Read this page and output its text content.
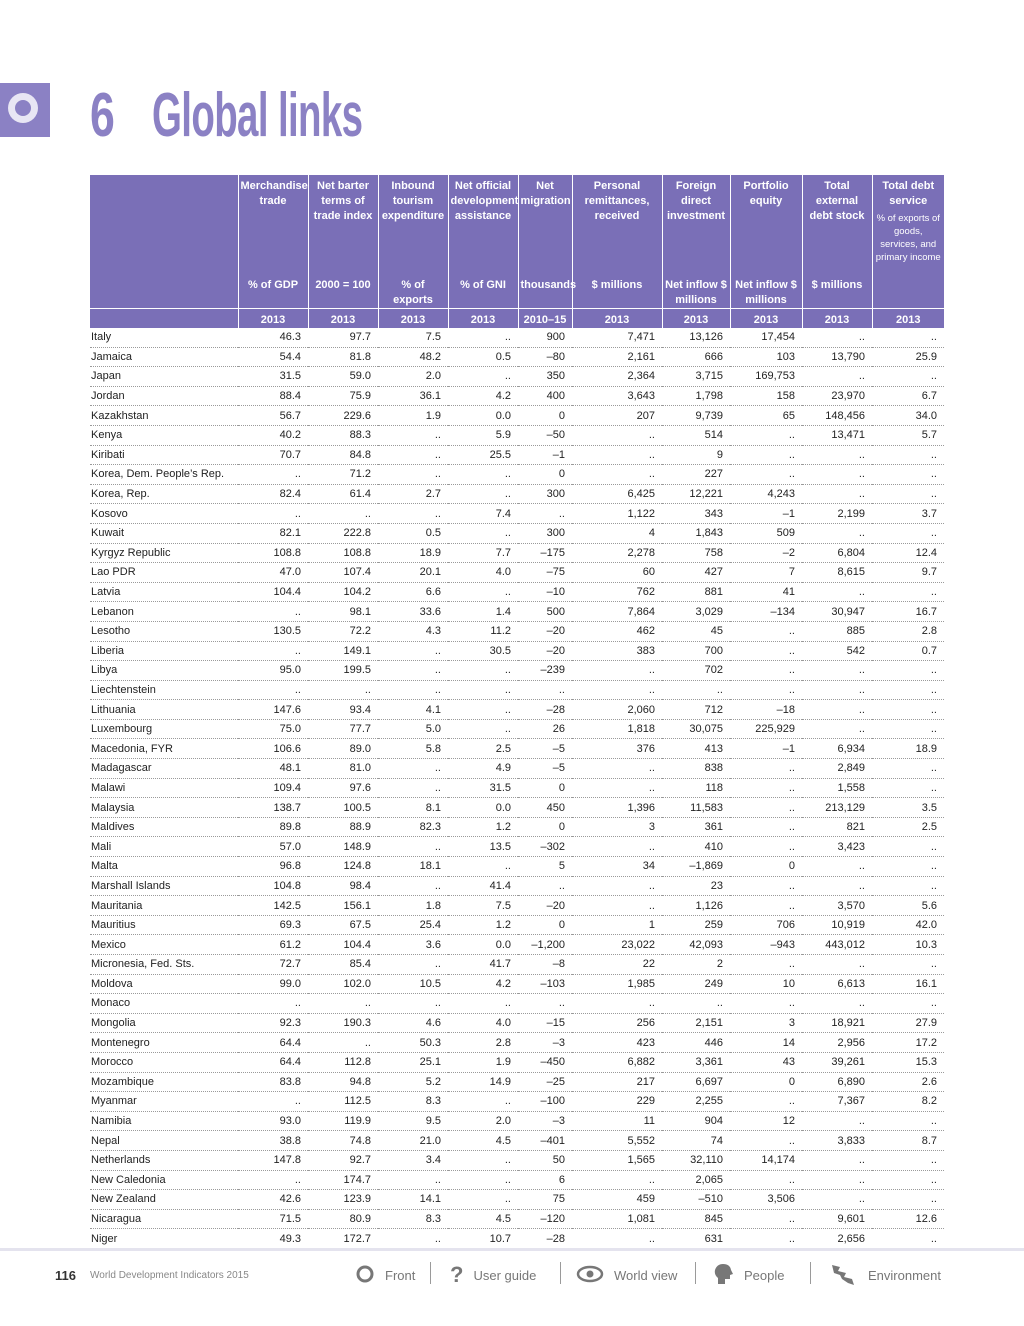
6 Global links
	Merchandise trade	Net barter terms of trade index	Inbound tourism expenditure	Net official development assistance	Net migration	Personal remittances, received	Foreign direct investment	Portfolio equity	Total external debt stock	Total debt service
% of exports of goods, services, and primary income

	% of GDP	2000 = 100	% of exports	% of GNI	thousands	$ millions	Net inflow $ millions	Net inflow $ millions	$ millions	
	2013	2013	2013	2013	2010–15	2013	2013	2013	2013	2013
Italy	46.3	97.7	7.5	..	900	7,471	13,126	17,454	..	..
Jamaica	54.4	81.8	48.2	0.5	–80	2,161	666	103	13,790	25.9
Japan	31.5	59.0	2.0	..	350	2,364	3,715	169,753	..	..
Jordan	88.4	75.9	36.1	4.2	400	3,643	1,798	158	23,970	6.7
Kazakhstan	56.7	229.6	1.9	0.0	0	207	9,739	65	148,456	34.0
Kenya	40.2	88.3	..	5.9	–50	..	514	..	13,471	5.7
Kiribati	70.7	84.8	..	25.5	–1	..	9	..	..	..
Korea, Dem. People’s Rep.	..	71.2	..	..	0	..	227	..	..	..
Korea, Rep.	82.4	61.4	2.7	..	300	6,425	12,221	4,243	..	..
Kosovo	..	..	..	7.4	..	1,122	343	–1	2,199	3.7
Kuwait	82.1	222.8	0.5	..	300	4	1,843	509	..	..
Kyrgyz Republic	108.8	108.8	18.9	7.7	–175	2,278	758	–2	6,804	12.4
Lao PDR	47.0	107.4	20.1	4.0	–75	60	427	7	8,615	9.7
Latvia	104.4	104.2	6.6	..	–10	762	881	41	..	..
Lebanon	..	98.1	33.6	1.4	500	7,864	3,029	–134	30,947	16.7
Lesotho	130.5	72.2	4.3	11.2	–20	462	45	..	885	2.8
Liberia	..	149.1	..	30.5	–20	383	700	..	542	0.7
Libya	95.0	199.5	..	..	–239	..	702	..	..	..
Liechtenstein	..	..	..	..	..	..	..	..	..	..
Lithuania	147.6	93.4	4.1	..	–28	2,060	712	–18	..	..
Luxembourg	75.0	77.7	5.0	..	26	1,818	30,075	225,929	..	..
Macedonia, FYR	106.6	89.0	5.8	2.5	–5	376	413	–1	6,934	18.9
Madagascar	48.1	81.0	..	4.9	–5	..	838	..	2,849	..
Malawi	109.4	97.6	..	31.5	0	..	118	..	1,558	..
Malaysia	138.7	100.5	8.1	0.0	450	1,396	11,583	..	213,129	3.5
Maldives	89.8	88.9	82.3	1.2	0	3	361	..	821	2.5
Mali	57.0	148.9	..	13.5	–302	..	410	..	3,423	..
Malta	96.8	124.8	18.1	..	5	34	–1,869	0	..	..
Marshall Islands	104.8	98.4	..	41.4	..	..	23	..	..	..
Mauritania	142.5	156.1	1.8	7.5	–20	..	1,126	..	3,570	5.6
Mauritius	69.3	67.5	25.4	1.2	0	1	259	706	10,919	42.0
Mexico	61.2	104.4	3.6	0.0	–1,200	23,022	42,093	–943	443,012	10.3
Micronesia, Fed. Sts.	72.7	85.4	..	41.7	–8	22	2	..	..	..
Moldova	99.0	102.0	10.5	4.2	–103	1,985	249	10	6,613	16.1
Monaco	..	..	..	..	..	..	..	..	..	..
Mongolia	92.3	190.3	4.6	4.0	–15	256	2,151	3	18,921	27.9
Montenegro	64.4	..	50.3	2.8	–3	423	446	14	2,956	17.2
Morocco	64.4	112.8	25.1	1.9	–450	6,882	3,361	43	39,261	15.3
Mozambique	83.8	94.8	5.2	14.9	–25	217	6,697	0	6,890	2.6
Myanmar	..	112.5	8.3	..	–100	229	2,255	..	7,367	8.2
Namibia	93.0	119.9	9.5	2.0	–3	11	904	12	..	..
Nepal	38.8	74.8	21.0	4.5	–401	5,552	74	..	3,833	8.7
Netherlands	147.8	92.7	3.4	..	50	1,565	32,110	14,174	..	..
New Caledonia	..	174.7	..	..	6	..	2,065	..	..	..
New Zealand	42.6	123.9	14.1	..	75	459	–510	3,506	..	..
Nicaragua	71.5	80.9	8.3	4.5	–120	1,081	845	..	9,601	12.6
Niger	49.3	172.7	..	10.7	–28	..	631	..	2,656	..
116 World Development Indicators 2015	Front ? User guide	World view	People	Environment
